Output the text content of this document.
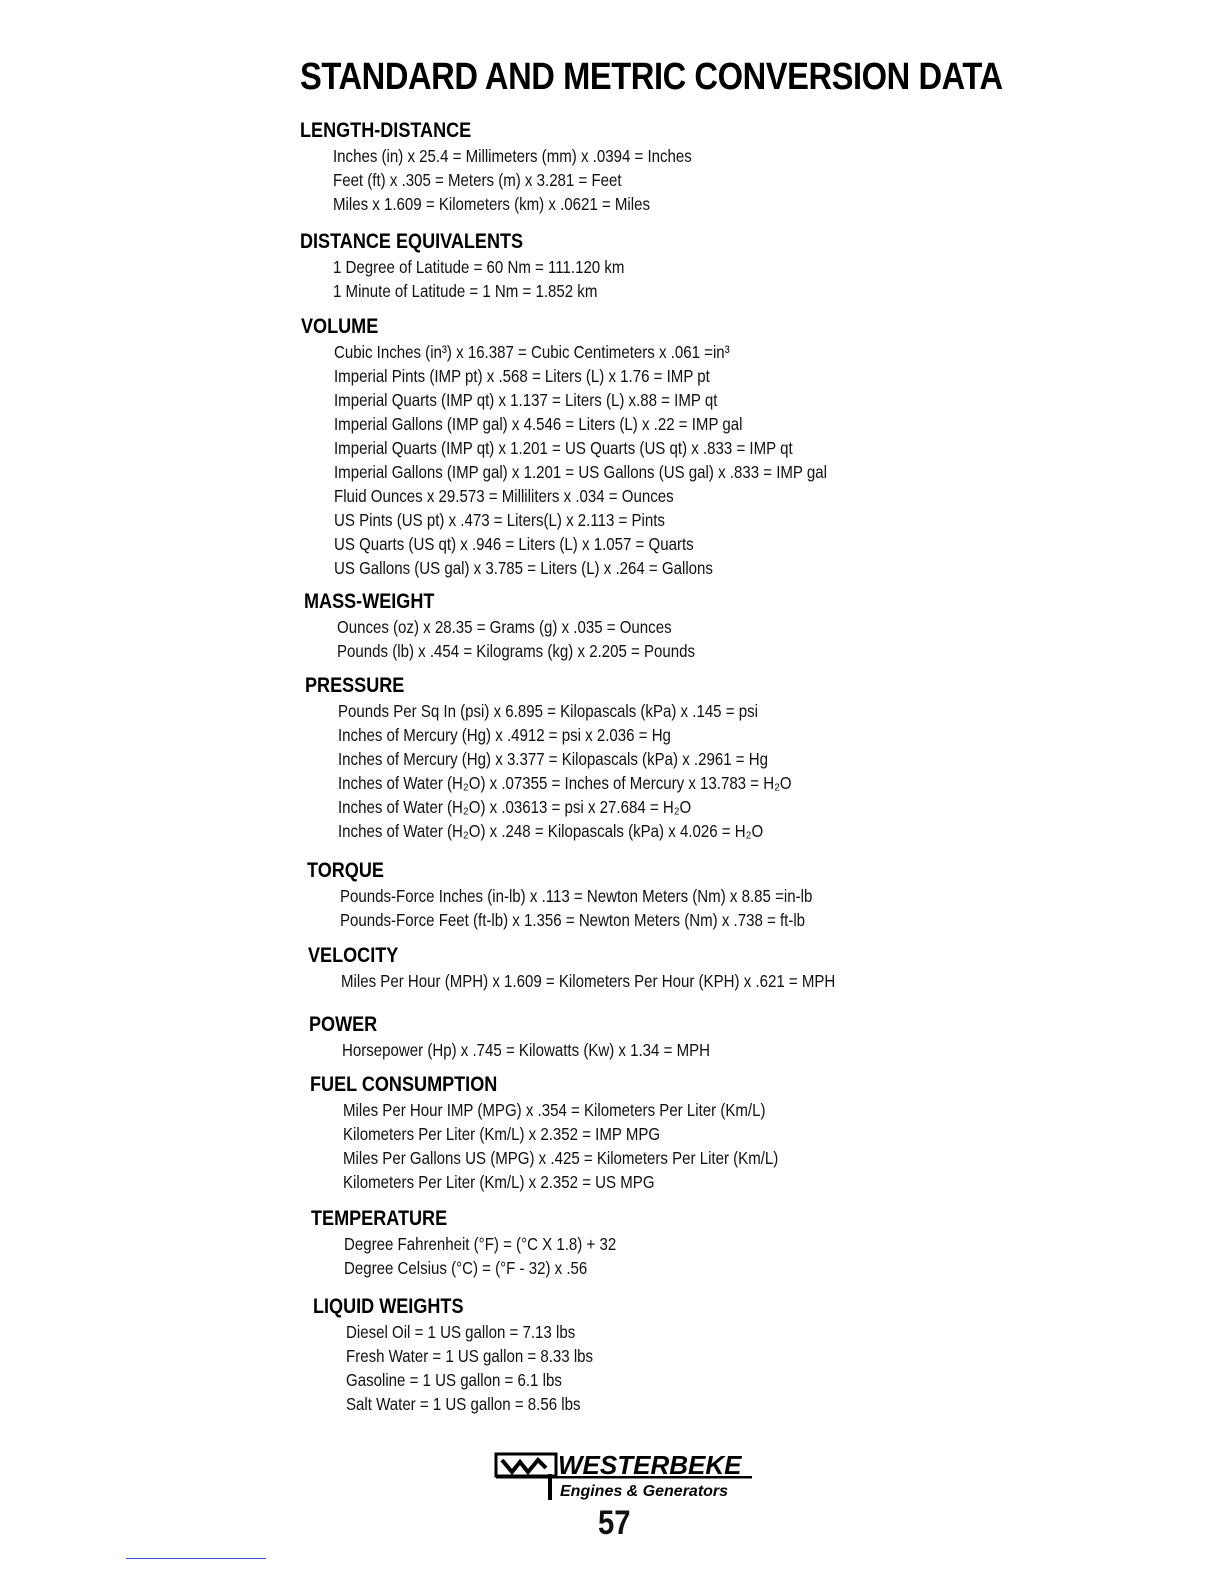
STANDARD AND METRIC CONVERSION DATA
LENGTH-DISTANCE
Inches (in) x 25.4 = Millimeters (mm) x .0394 = Inches
Feet (ft) x .305 = Meters (m) x 3.281 = Feet
Miles x 1.609 = Kilometers (km) x .0621 = Miles
DISTANCE EQUIVALENTS
1 Degree of Latitude = 60 Nm = 111.120 km
1 Minute of Latitude = 1 Nm = 1.852 km
VOLUME
Cubic Inches (in³) x 16.387 = Cubic Centimeters x .061 =in³
Imperial Pints (IMP pt) x .568 = Liters (L) x 1.76 = IMP pt
Imperial Quarts (IMP qt) x 1.137 = Liters (L) x.88 = IMP qt
Imperial Gallons (IMP gal) x 4.546 = Liters (L) x .22 = IMP gal
Imperial Quarts (IMP qt) x 1.201 = US Quarts (US qt) x .833 = IMP qt
Imperial Gallons (IMP gal) x 1.201 = US Gallons (US gal) x .833 = IMP gal
Fluid Ounces x 29.573 = Milliliters x .034 = Ounces
US Pints (US pt) x .473 = Liters(L) x 2.113 = Pints
US Quarts (US qt) x .946 = Liters (L) x 1.057 = Quarts
US Gallons (US gal) x 3.785 = Liters (L) x .264 = Gallons
MASS-WEIGHT
Ounces (oz) x 28.35 = Grams (g) x .035 = Ounces
Pounds (lb) x .454 = Kilograms (kg) x 2.205 = Pounds
PRESSURE
Pounds Per Sq In (psi) x 6.895 = Kilopascals (kPa) x .145 = psi
Inches of Mercury (Hg) x .4912 = psi x 2.036 = Hg
Inches of Mercury (Hg) x 3.377 = Kilopascals (kPa) x .2961 = Hg
Inches of Water (H₂O) x .07355 = Inches of Mercury x 13.783 = H₂O
Inches of Water (H₂O) x .03613 = psi x 27.684 = H₂O
Inches of Water (H₂O) x .248 = Kilopascals (kPa) x 4.026 = H₂O
TORQUE
Pounds-Force Inches (in-lb) x .113 = Newton Meters (Nm) x 8.85 =in-lb
Pounds-Force Feet (ft-lb) x 1.356 = Newton Meters (Nm) x .738 = ft-lb
VELOCITY
Miles Per Hour (MPH) x 1.609 = Kilometers Per Hour (KPH) x .621 = MPH
POWER
Horsepower (Hp) x .745 = Kilowatts (Kw) x 1.34 = MPH
FUEL CONSUMPTION
Miles Per Hour IMP (MPG) x .354 = Kilometers Per Liter (Km/L)
Kilometers Per Liter (Km/L) x 2.352 = IMP MPG
Miles Per Gallons US (MPG) x .425 = Kilometers Per Liter (Km/L)
Kilometers Per Liter (Km/L) x 2.352 = US MPG
TEMPERATURE
Degree Fahrenheit (°F) = (°C X 1.8) + 32
Degree Celsius (°C) = (°F - 32) x .56
LIQUID WEIGHTS
Diesel Oil = 1 US gallon = 7.13 lbs
Fresh Water = 1 US gallon = 8.33 lbs
Gasoline = 1 US gallon = 6.1 lbs
Salt Water = 1 US gallon = 8.56 lbs
WESTERBEKE
Engines & Generators
57
